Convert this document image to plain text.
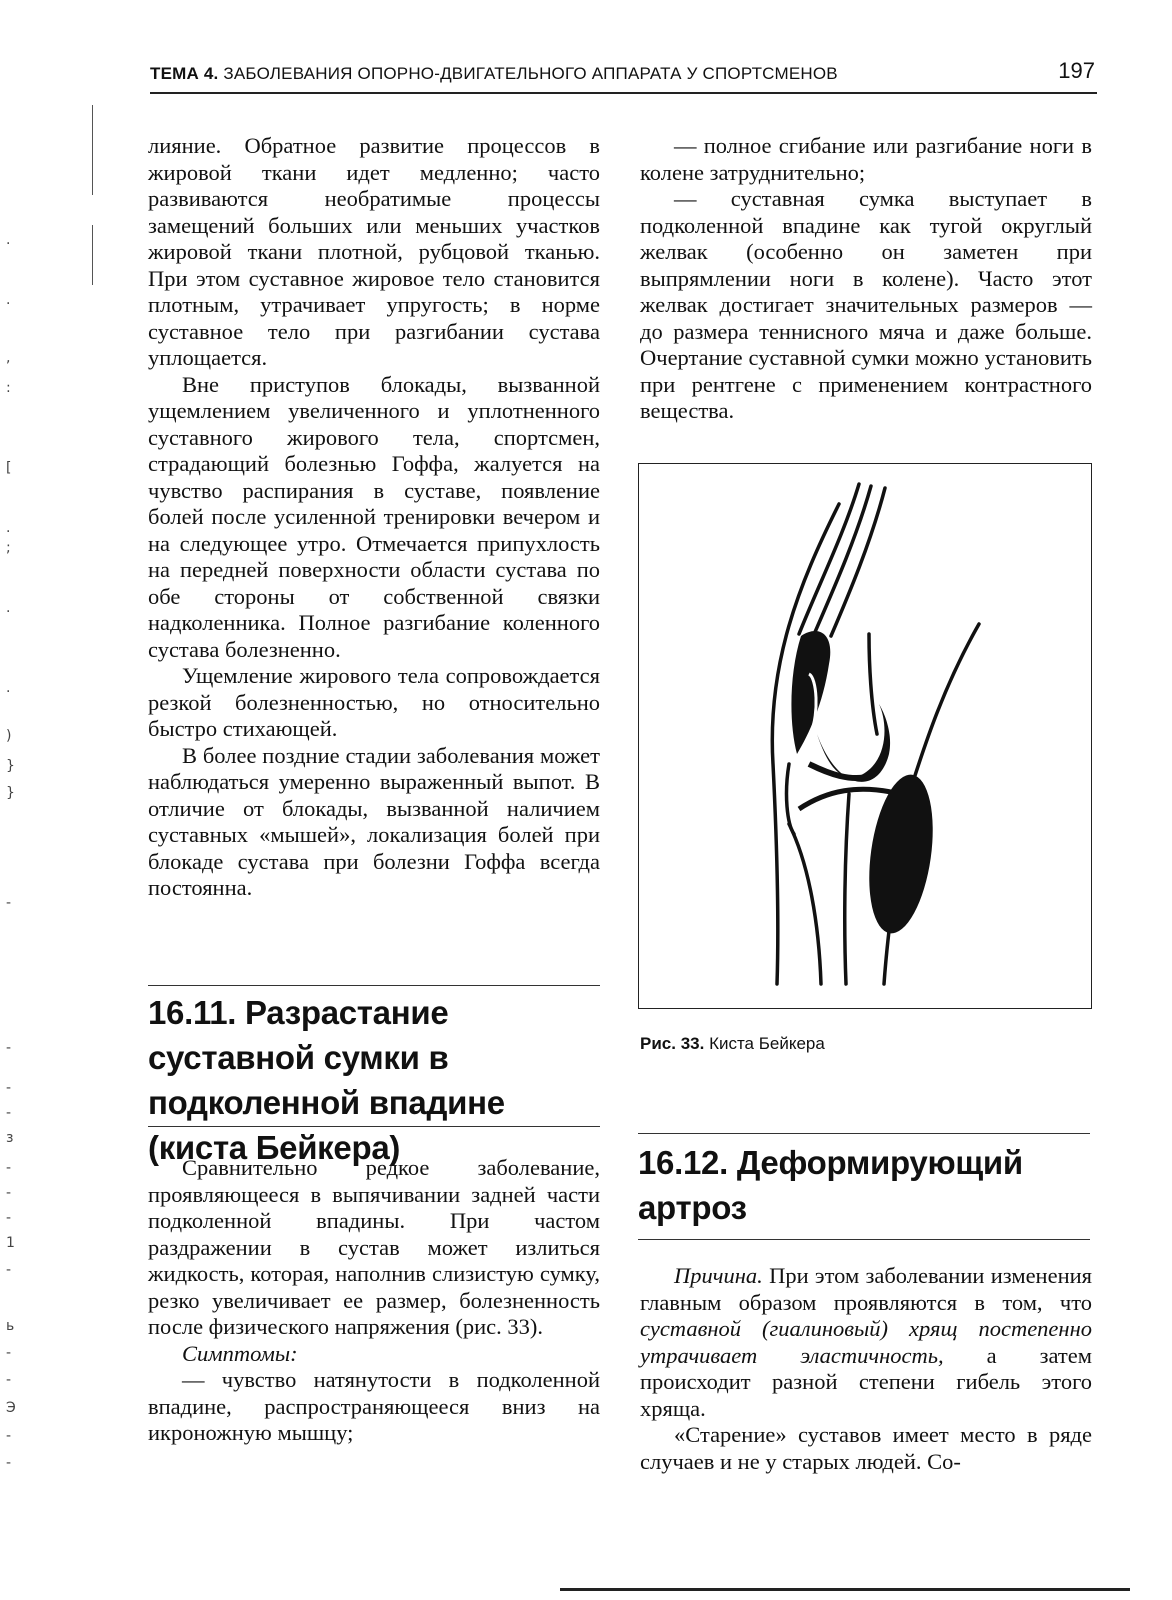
.
.
,
:
[
.
;
.
.
)
}
}
-
-
-
-
з
-
-
-
1
-
ь
-
-
Э
-
-
ТЕМА 4. ЗАБОЛЕВАНИЯ ОПОРНО-ДВИГАТЕЛЬНОГО АППАРАТА У СПОРТСМЕНОВ	197

лияние. Обратное развитие процессов в жировой ткани идет медленно; часто развиваются необратимые процессы замещений больших или меньших участков жировой ткани плотной, рубцовой тканью. При этом суставное жировое тело становится плотным, утрачивает упругость; в норме суставное тело при разгибании сустава уплощается.

Вне приступов блокады, вызванной ущемлением увеличенного и уплотненного суставного жирового тела, спортсмен, страдающий болезнью Гоффа, жалуется на чувство распирания в суставе, появление болей после усиленной тренировки вечером и на следующее утро. Отмечается припухлость на передней поверхности области сустава по обе стороны от собственной связки надколенника. Полное разгибание коленного сустава болезненно.

Ущемление жирового тела сопровождается резкой болезненностью, но относительно быстро стихающей.

В более поздние стадии заболевания может наблюдаться умеренно выраженный выпот. В отличие от блокады, вызванной наличием суставных «мышей», локализация болей при блокаде сустава при болезни Гоффа всегда постоянна.

— полное сгибание или разгибание ноги в колене затруднительно;

— суставная сумка выступает в подколенной впадине как тугой округлый желвак (особенно он заметен при выпрямлении ноги в колене). Часто этот желвак достигает значительных размеров — до размера теннисного мяча и даже больше. Очертание суставной сумки можно установить при рентгене с применением контрастного вещества.

Рис. 33. Киста Бейкера
16.11. Разрастание суставной сумки в подколенной впадине (киста Бейкера)

Сравнительно редкое заболевание, проявляющееся в выпячивании задней части подколенной впадины. При частом раздражении в сустав может излиться жидкость, которая, наполнив слизистую сумку, резко увеличивает ее размер, болезненность после физического напряжения (рис. 33).

Симптомы:

— чувство натянутости в подколенной впадине, распространяющееся вниз на икроножную мышцу;

16.12. Деформирующий артроз

Причина. При этом заболевании изменения главным образом проявляются в том, что суставной (гиалиновый) хрящ постепенно утрачивает эластичность, а затем происходит разной степени гибель этого хряща.

«Старение» суставов имеет место в ряде случаев и не у старых людей. Со-
